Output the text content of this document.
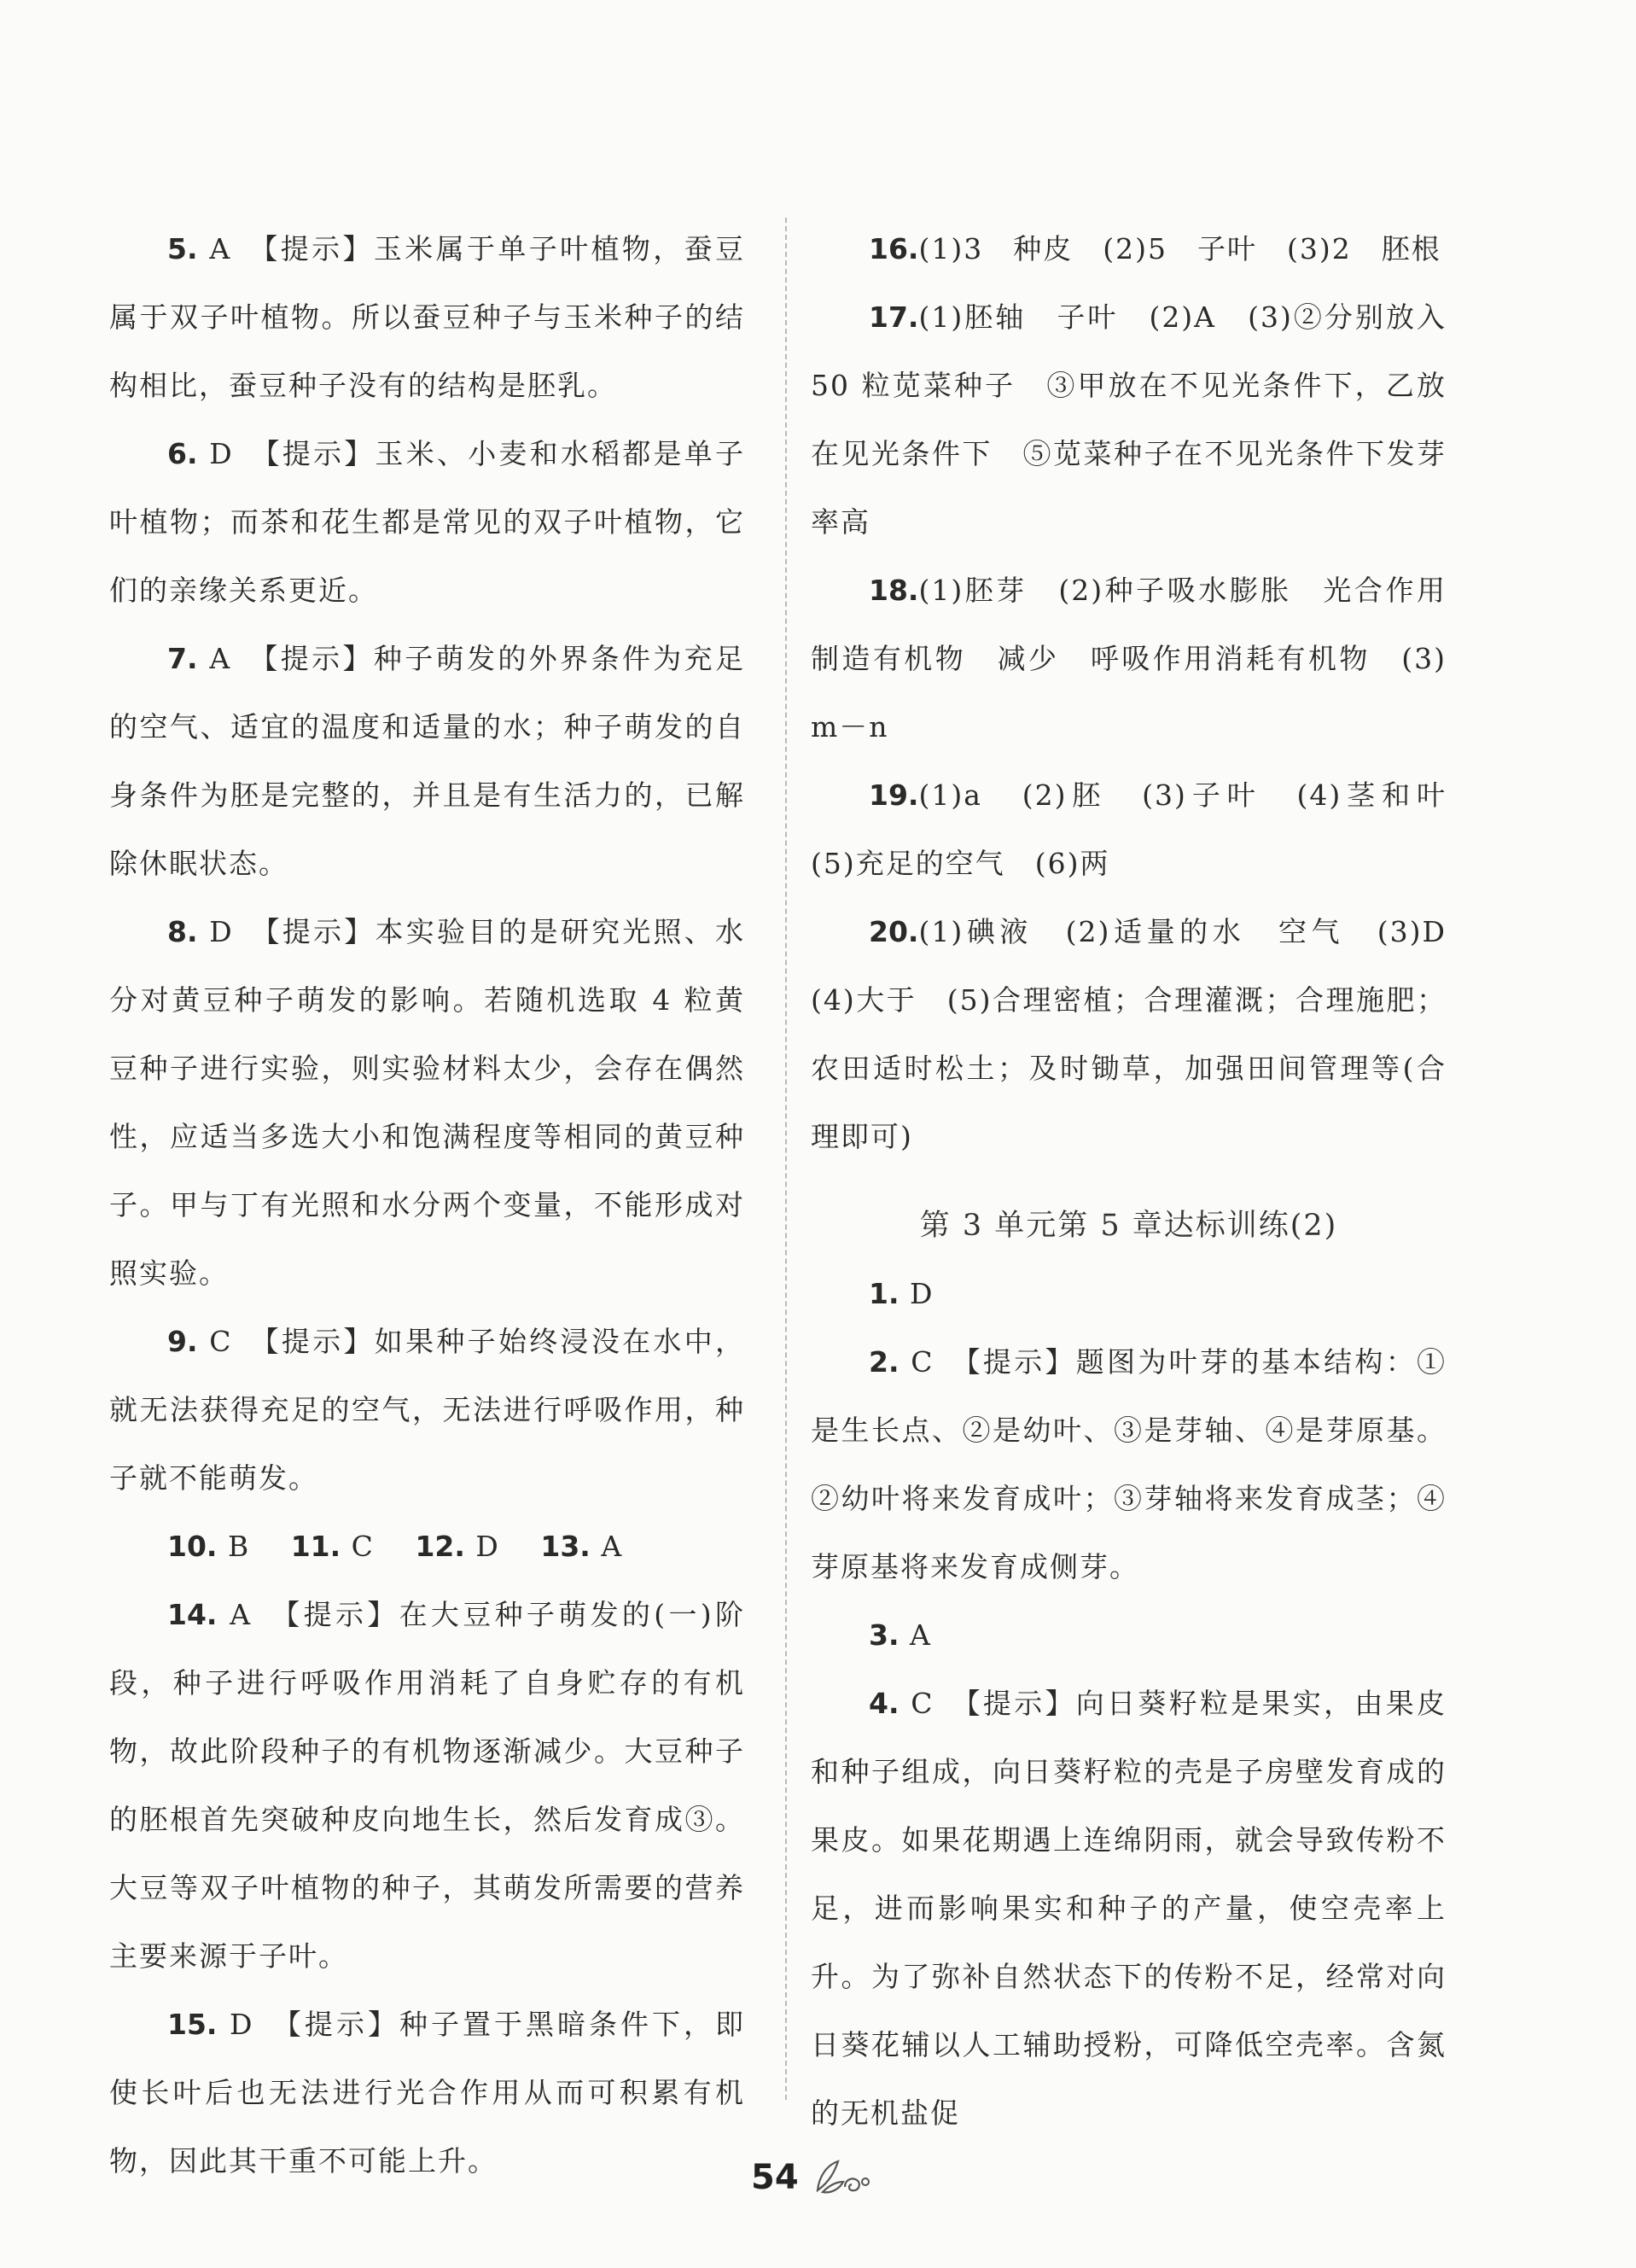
5. A　【提示】玉米属于单子叶植物，蚕豆属于双子叶植物。所以蚕豆种子与玉米种子的结构相比，蚕豆种子没有的结构是胚乳。

6. D　【提示】玉米、小麦和水稻都是单子叶植物；而茶和花生都是常见的双子叶植物，它们的亲缘关系更近。

7. A　【提示】种子萌发的外界条件为充足的空气、适宜的温度和适量的水；种子萌发的自身条件为胚是完整的，并且是有生活力的，已解除休眠状态。

8. D　【提示】本实验目的是研究光照、水分对黄豆种子萌发的影响。若随机选取 4 粒黄豆种子进行实验，则实验材料太少，会存在偶然性，应适当多选大小和饱满程度等相同的黄豆种子。甲与丁有光照和水分两个变量，不能形成对照实验。

9. C　【提示】如果种子始终浸没在水中，就无法获得充足的空气，无法进行呼吸作用，种子就不能萌发。

10. B　 11. C　 12. D　 13. A

14. A　【提示】在大豆种子萌发的(一)阶段，种子进行呼吸作用消耗了自身贮存的有机物，故此阶段种子的有机物逐渐减少。大豆种子的胚根首先突破种皮向地生长，然后发育成③。大豆等双子叶植物的种子，其萌发所需要的营养主要来源于子叶。

15. D　【提示】种子置于黑暗条件下，即使长叶后也无法进行光合作用从而可积累有机物，因此其干重不可能上升。

16.(1)3　种皮　(2)5　子叶　(3)2　胚根

17.(1)胚轴　子叶　(2)A　(3)②分别放入 50 粒苋菜种子　③甲放在不见光条件下，乙放在见光条件下　⑤苋菜种子在不见光条件下发芽率高

18.(1)胚芽　(2)种子吸水膨胀　光合作用制造有机物　减少　呼吸作用消耗有机物　(3)m－n

19.(1)a　(2)胚　(3)子叶　(4)茎和叶　(5)充足的空气　(6)两

20.(1)碘液　(2)适量的水　空气　(3)D　(4)大于　(5)合理密植；合理灌溉；合理施肥；农田适时松土；及时锄草，加强田间管理等(合理即可)

第 3 单元第 5 章达标训练(2)

1. D

2. C　【提示】题图为叶芽的基本结构：①是生长点、②是幼叶、③是芽轴、④是芽原基。②幼叶将来发育成叶；③芽轴将来发育成茎；④芽原基将来发育成侧芽。

3. A

4. C　【提示】向日葵籽粒是果实，由果皮和种子组成，向日葵籽粒的壳是子房壁发育成的果皮。如果花期遇上连绵阴雨，就会导致传粉不足，进而影响果实和种子的产量，使空壳率上升。为了弥补自然状态下的传粉不足，经常对向日葵花辅以人工辅助授粉，可降低空壳率。含氮的无机盐促

54
